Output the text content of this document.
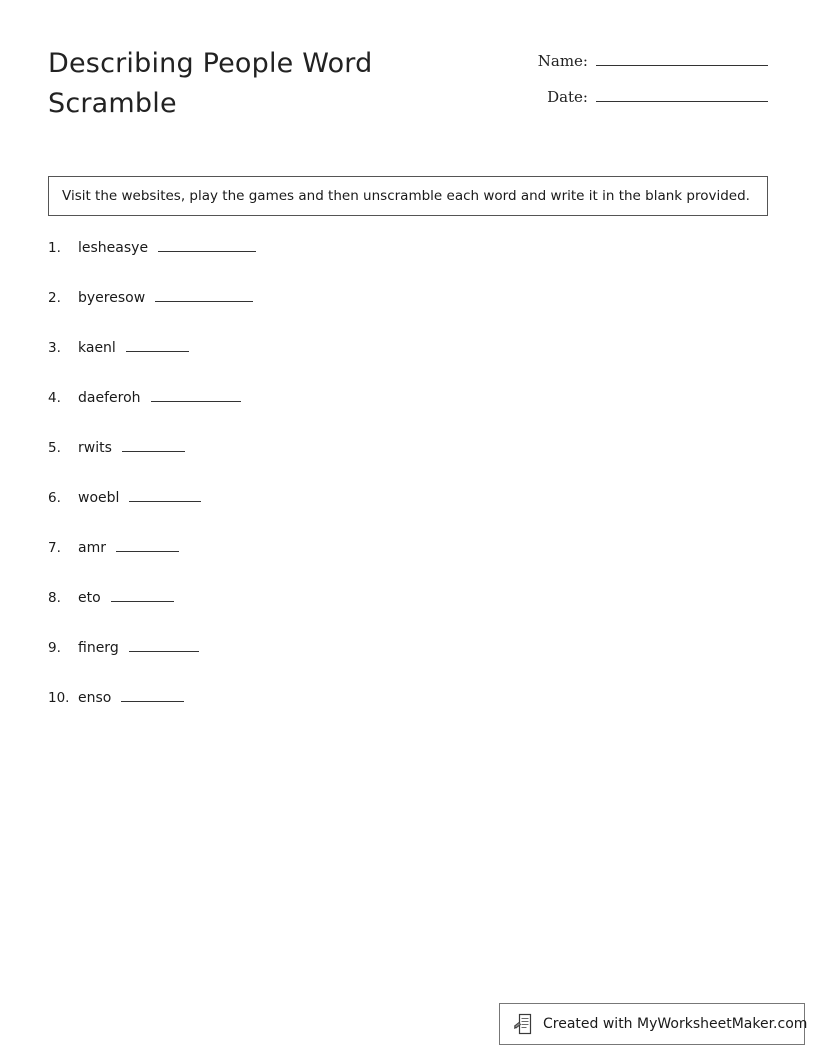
Describing People Word Scramble
Name:
Date:
Visit the websites, play the games and then unscramble each word and write it in the blank provided.
1.	lesheasye
2.	byeresow
3.	kaenl
4.	daeferoh
5.	rwits
6.	woebl
7.	amr
8.	eto
9.	finerg
10. enso
Created with MyWorksheetMaker.com
